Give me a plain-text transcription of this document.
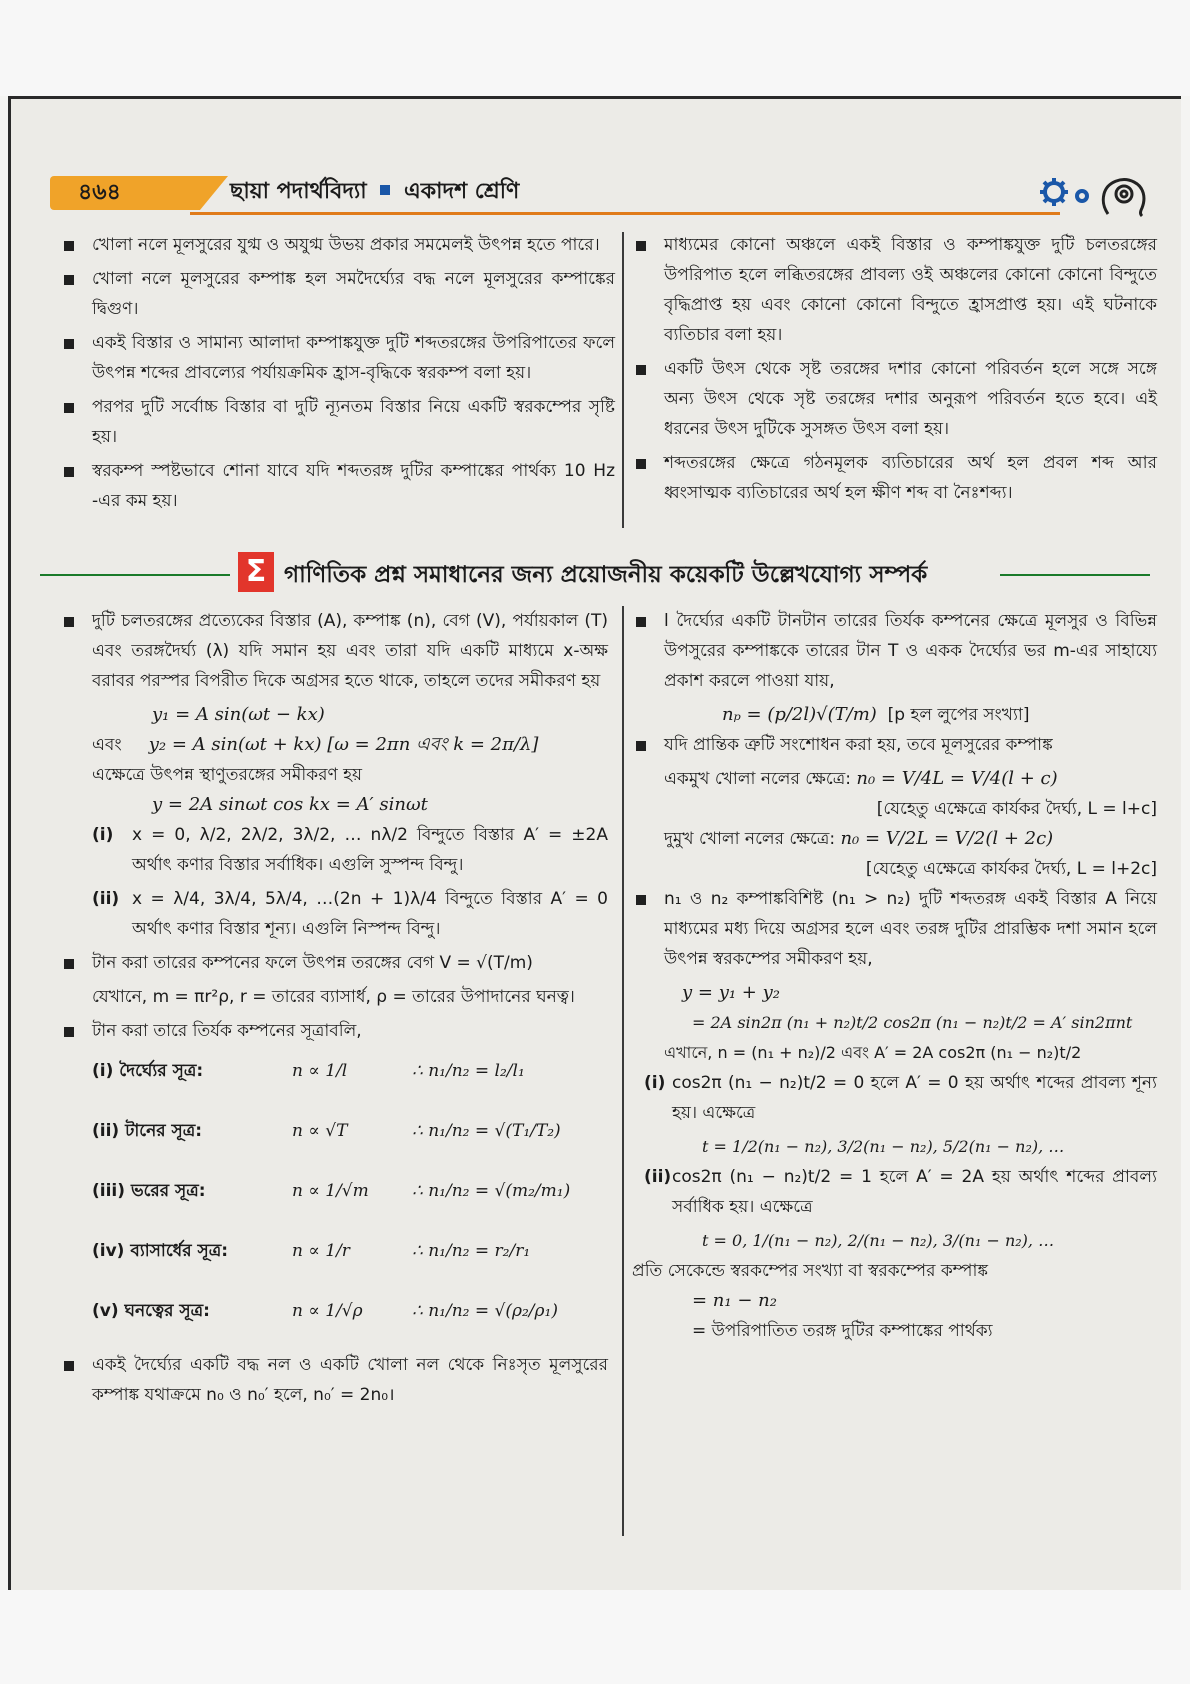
৪৬৪	ছায়া পদার্থবিদ্যা একাদশ শ্রেণি

খোলা নলে মূলসুরের যুগ্ম ও অযুগ্ম উভয় প্রকার সমমেলই উৎপন্ন হতে পারে।

খোলা নলে মূলসুরের কম্পাঙ্ক হল সমদৈর্ঘ্যের বদ্ধ নলে মূলসুরের কম্পাঙ্কের দ্বিগুণ।

একই বিস্তার ও সামান্য আলাদা কম্পাঙ্কযুক্ত দুটি শব্দতরঙ্গের উপরিপাতের ফলে উৎপন্ন শব্দের প্রাবল্যের পর্যায়ক্রমিক হ্রাস-বৃদ্ধিকে স্বরকম্প বলা হয়।

পরপর দুটি সর্বোচ্চ বিস্তার বা দুটি ন্যূনতম বিস্তার নিয়ে একটি স্বরকম্পের সৃষ্টি হয়।

স্বরকম্প স্পষ্টভাবে শোনা যাবে যদি শব্দতরঙ্গ দুটির কম্পাঙ্কের পার্থক্য 10 Hz -এর কম হয়।

মাধ্যমের কোনো অঞ্চলে একই বিস্তার ও কম্পাঙ্কযুক্ত দুটি চলতরঙ্গের উপরিপাত হলে লব্ধিতরঙ্গের প্রাবল্য ওই অঞ্চলের কোনো কোনো বিন্দুতে বৃদ্ধিপ্রাপ্ত হয় এবং কোনো কোনো বিন্দুতে হ্রাসপ্রাপ্ত হয়। এই ঘটনাকে ব্যতিচার বলা হয়।

একটি উৎস থেকে সৃষ্ট তরঙ্গের দশার কোনো পরিবর্তন হলে সঙ্গে সঙ্গে অন্য উৎস থেকে সৃষ্ট তরঙ্গের দশার অনুরূপ পরিবর্তন হতে হবে। এই ধরনের উৎস দুটিকে সুসঙ্গত উৎস বলা হয়।

শব্দতরঙ্গের ক্ষেত্রে গঠনমূলক ব্যতিচারের অর্থ হল প্রবল শব্দ আর ধ্বংসাত্মক ব্যতিচারের অর্থ হল ক্ষীণ শব্দ বা নৈঃশব্দ্য।

Σ গাণিতিক প্রশ্ন সমাধানের জন্য প্রয়োজনীয় কয়েকটি উল্লেখযোগ্য সম্পর্ক

দুটি চলতরঙ্গের প্রত্যেকের বিস্তার (A), কম্পাঙ্ক (n), বেগ (V), পর্যায়কাল (T) এবং তরঙ্গদৈর্ঘ্য (λ) যদি সমান হয় এবং তারা যদি একটি মাধ্যমে x-অক্ষ বরাবর পরস্পর বিপরীত দিকে অগ্রসর হতে থাকে, তাহলে তদের সমীকরণ হয়

y₁ = A sin(ωt − kx)
এবং y₂ = A sin(ωt + kx) [ω = 2πn এবং k = 2π/λ]
এক্ষেত্রে উৎপন্ন স্থাণুতরঙ্গের সমীকরণ হয়
y = 2A sinωt cos kx = A′ sinωt
(i) x = 0, λ/2, 2λ/2, 3λ/2, … nλ/2 বিন্দুতে বিস্তার A′ = ±2A অর্থাৎ কণার বিস্তার সর্বাধিক। এগুলি সুস্পন্দ বিন্দু।

(ii) x = λ/4, 3λ/4, 5λ/4, …(2n + 1)λ/4 বিন্দুতে বিস্তার A′ = 0 অর্থাৎ কণার বিস্তার শূন্য। এগুলি নিস্পন্দ বিন্দু।

টান করা তারের কম্পনের ফলে উৎপন্ন তরঙ্গের বেগ V = √(T/m)

যেখানে, m = πr²ρ, r = তারের ব্যাসার্ধ, ρ = তারের উপাদানের ঘনত্ব।

টান করা তারে তির্যক কম্পনের সূত্রাবলি,

(i) দৈর্ঘ্যের সূত্র:	n ∝ 1/l	∴ n₁/n₂ = l₂/l₁
(ii) টানের সূত্র:	n ∝ √T	∴ n₁/n₂ = √(T₁/T₂)
(iii) ভরের সূত্র:	n ∝ 1/√m	∴ n₁/n₂ = √(m₂/m₁)
(iv) ব্যাসার্ধের সূত্র:	n ∝ 1/r	∴ n₁/n₂ = r₂/r₁
(v) ঘনত্বের সূত্র:	n ∝ 1/√ρ	∴ n₁/n₂ = √(ρ₂/ρ₁)

একই দৈর্ঘ্যের একটি বদ্ধ নল ও একটি খোলা নল থেকে নিঃসৃত মূলসুরের কম্পাঙ্ক যথাক্রমে n₀ ও n₀′ হলে, n₀′ = 2n₀।

l দৈর্ঘ্যের একটি টানটান তারের তির্যক কম্পনের ক্ষেত্রে মূলসুর ও বিভিন্ন উপসুরের কম্পাঙ্ককে তারের টান T ও একক দৈর্ঘ্যের ভর m-এর সাহায্যে প্রকাশ করলে পাওয়া যায়,

nₚ = (p/2l)√(T/m) [p হল লুপের সংখ্যা]

যদি প্রান্তিক ত্রুটি সংশোধন করা হয়, তবে মূলসুরের কম্পাঙ্ক

একমুখ খোলা নলের ক্ষেত্রে: n₀ = V/4L = V/4(l + c)
[যেহেতু এক্ষেত্রে কার্যকর দৈর্ঘ্য, L = l+c]
দুমুখ খোলা নলের ক্ষেত্রে: n₀ = V/2L = V/2(l + 2c)
[যেহেতু এক্ষেত্রে কার্যকর দৈর্ঘ্য, L = l+2c]

n₁ ও n₂ কম্পাঙ্কবিশিষ্ট (n₁ > n₂) দুটি শব্দতরঙ্গ একই বিস্তার A নিয়ে মাধ্যমের মধ্য দিয়ে অগ্রসর হলে এবং তরঙ্গ দুটির প্রারম্ভিক দশা সমান হলে উৎপন্ন স্বরকম্পের সমীকরণ হয়,

y = y₁ + y₂
= 2A sin2π (n₁ + n₂)t/2 cos2π (n₁ − n₂)t/2 = A′ sin2πnt
এখানে, n = (n₁ + n₂)/2 এবং A′ = 2A cos2π (n₁ − n₂)t/2
(i) cos2π (n₁ − n₂)t/2 = 0 হলে A′ = 0 হয় অর্থাৎ শব্দের প্রাবল্য শূন্য হয়। এক্ষেত্রে

t = 1/2(n₁ − n₂), 3/2(n₁ − n₂), 5/2(n₁ − n₂), …
(ii) cos2π (n₁ − n₂)t/2 = 1 হলে A′ = 2A হয় অর্থাৎ শব্দের প্রাবল্য সর্বাধিক হয়। এক্ষেত্রে

t = 0, 1/(n₁ − n₂), 2/(n₁ − n₂), 3/(n₁ − n₂), …
প্রতি সেকেন্ডে স্বরকম্পের সংখ্যা বা স্বরকম্পের কম্পাঙ্ক
= n₁ − n₂
= উপরিপাতিত তরঙ্গ দুটির কম্পাঙ্কের পার্থক্য
